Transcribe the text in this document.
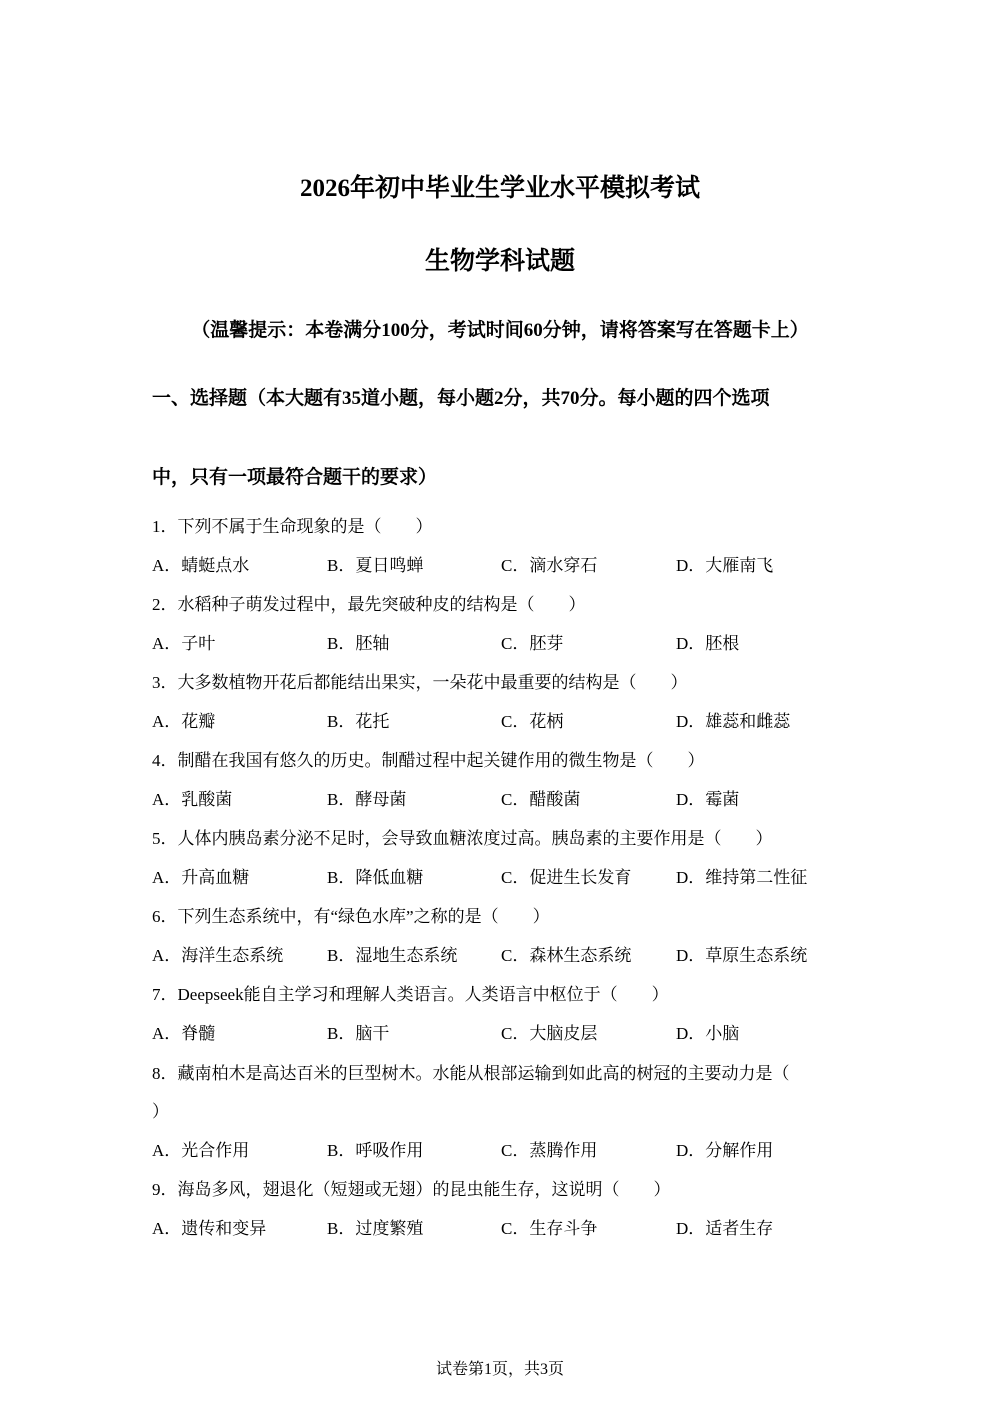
2026年初中毕业生学业水平模拟考试
生物学科试题
（温馨提示：本卷满分100分，考试时间60分钟，请将答案写在答题卡上）
一、选择题（本大题有35道小题，每小题2分，共70分。每小题的四个选项
中，只有一项最符合题干的要求）
1．下列不属于生命现象的是（　　）
A．蜻蜓点水	B．夏日鸣蝉	C．滴水穿石	D．大雁南飞
2．水稻种子萌发过程中，最先突破种皮的结构是（　　）
A．子叶	B．胚轴	C．胚芽	D．胚根
3．大多数植物开花后都能结出果实，一朵花中最重要的结构是（　　）
A．花瓣	B．花托	C．花柄	D．雄蕊和雌蕊
4．制醋在我国有悠久的历史。制醋过程中起关键作用的微生物是（　　）
A．乳酸菌	B．酵母菌	C．醋酸菌	D．霉菌
5．人体内胰岛素分泌不足时，会导致血糖浓度过高。胰岛素的主要作用是（　　）
A．升高血糖	B．降低血糖	C．促进生长发育	D．维持第二性征
6．下列生态系统中，有“绿色水库”之称的是（　　）
A．海洋生态系统	B．湿地生态系统	C．森林生态系统	D．草原生态系统
7．Deepseek能自主学习和理解人类语言。人类语言中枢位于（　　）
A．脊髓	B．脑干	C．大脑皮层	D．小脑
8．藏南柏木是高达百米的巨型树木。水能从根部运输到如此高的树冠的主要动力是（
）
A．光合作用	B．呼吸作用	C．蒸腾作用	D．分解作用
9．海岛多风，翅退化（短翅或无翅）的昆虫能生存，这说明（　　）
A．遗传和变异	B．过度繁殖	C．生存斗争	D．适者生存
试卷第1页，共3页
